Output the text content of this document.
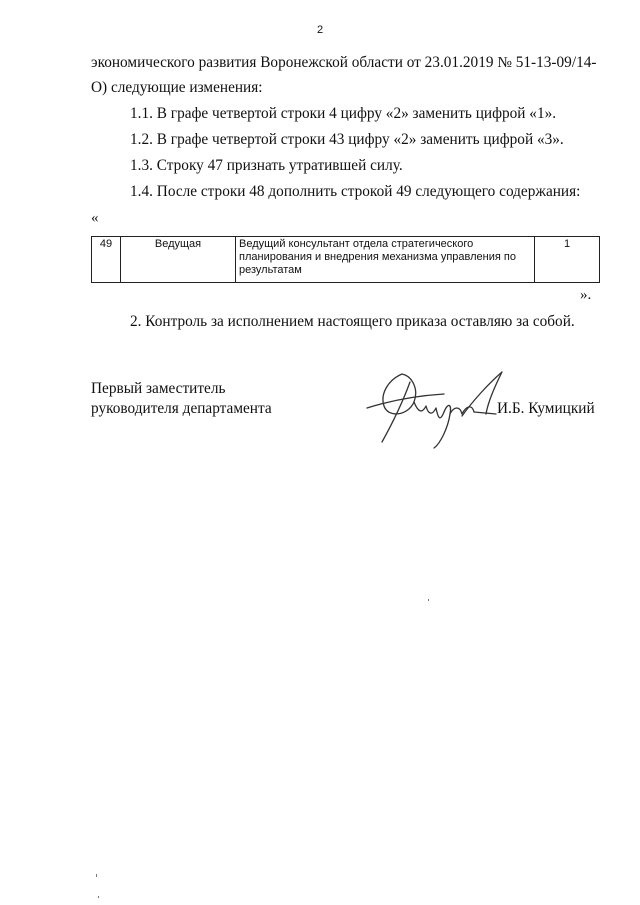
2
экономического развития Воронежской области от 23.01.2019 № 51-13-09/14-
О) следующие изменения:
1.1. В графе четвертой строки 4 цифру «2» заменить цифрой «1».
1.2. В графе четвертой строки 43 цифру «2» заменить цифрой «3».
1.3. Строку 47 признать утратившей силу.
1.4. После строки 48 дополнить строкой 49 следующего содержания:
«
49	Ведущая	Ведущий консультант отдела стратегического планирования и внедрения механизма управления по результатам	1
».
2. Контроль за исполнением настоящего приказа оставляю за собой.
Первый заместитель
руководителя департамента	И.Б. Кумицкий
